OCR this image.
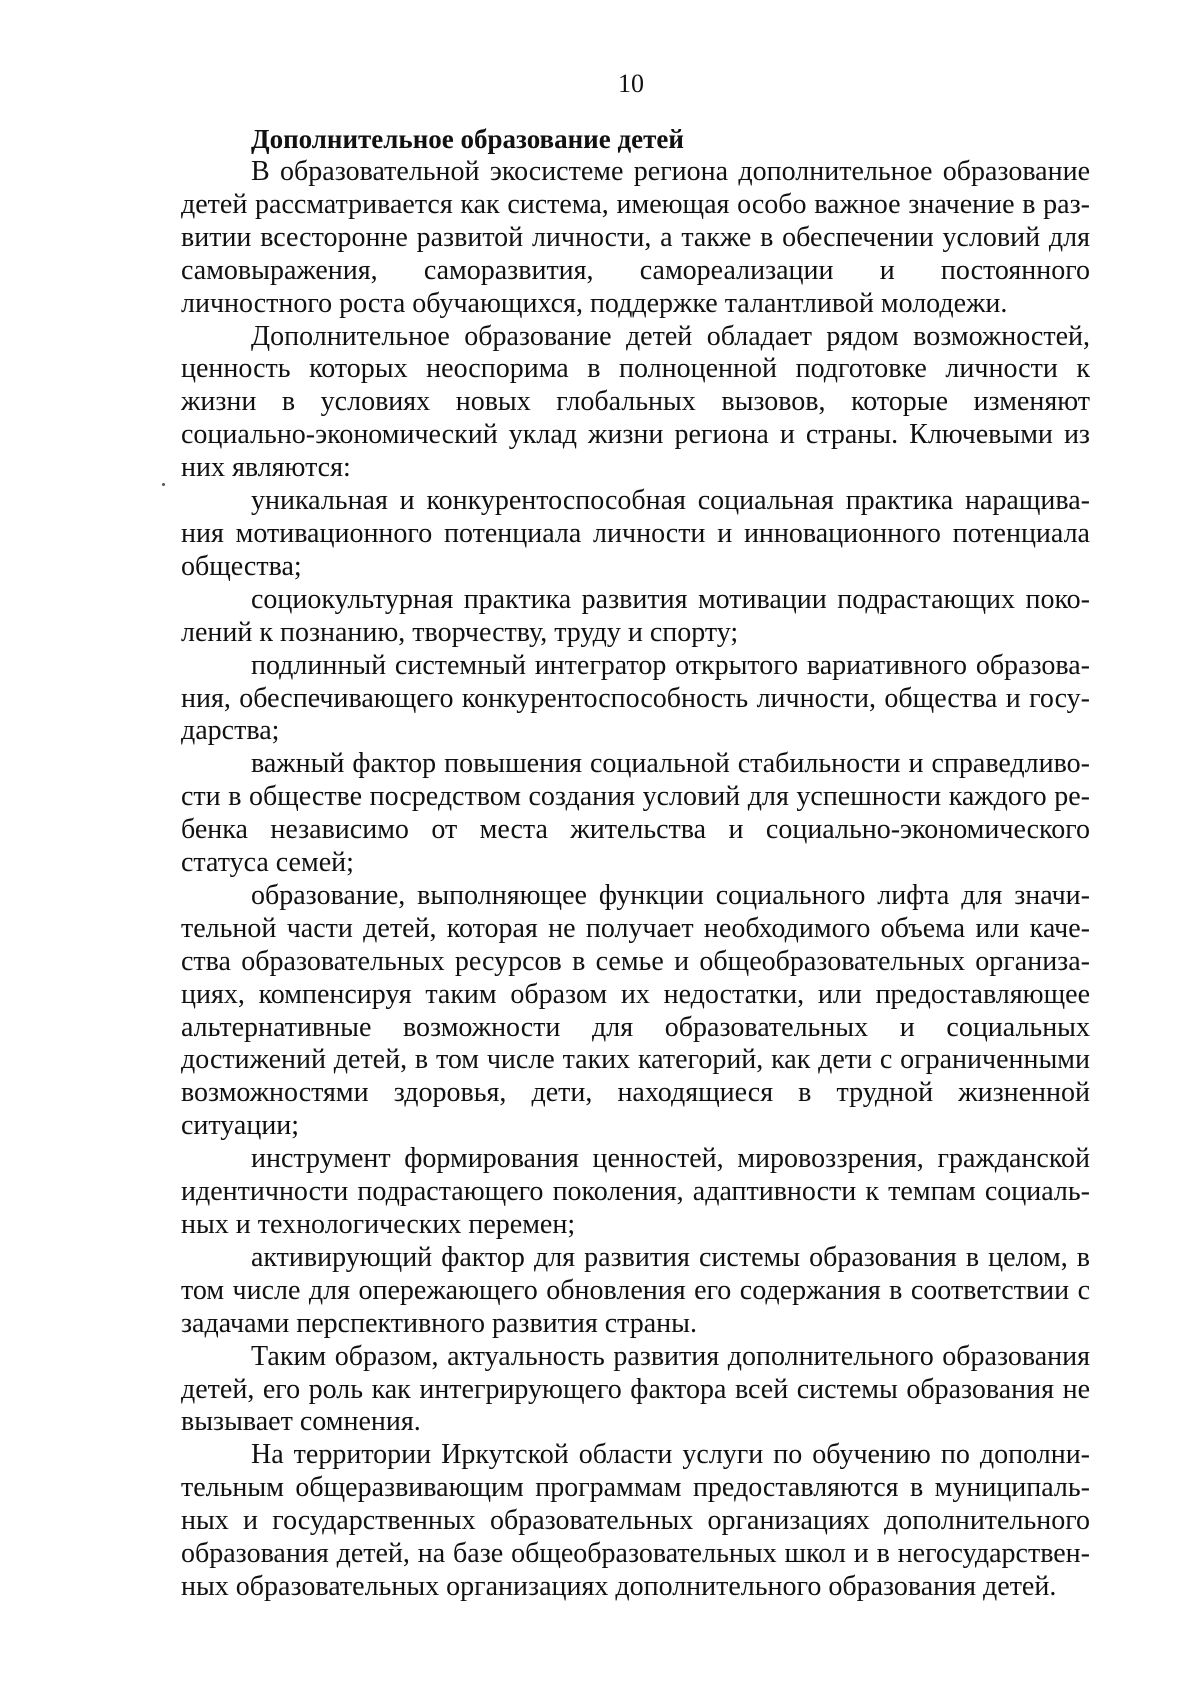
10

Дополнительное образование детей

В образовательной экосистеме региона дополнительное образование детей рассматривается как система, имеющая особо важное значение в развитии всесторонне развитой личности, а также в обеспечении условий для самовыражения, саморазвития, самореализации и постоянного личностного роста обучающихся, поддержке талантливой молодежи.

Дополнительное образование детей обладает рядом возможностей, ценность которых неоспорима в полноценной подготовке личности к жизни в условиях новых глобальных вызовов, которые изменяют социально-экономический уклад жизни региона и страны. Ключевыми из них являются:

уникальная и конкурентоспособная социальная практика наращивания мотивационного потенциала личности и инновационного потенциала общества;

социокультурная практика развития мотивации подрастающих поколений к познанию, творчеству, труду и спорту;

подлинный системный интегратор открытого вариативного образования, обеспечивающего конкурентоспособность личности, общества и государства;

важный фактор повышения социальной стабильности и справедливости в обществе посредством создания условий для успешности каждого ребенка независимо от места жительства и социально-экономического статуса семей;

образование, выполняющее функции социального лифта для значительной части детей, которая не получает необходимого объема или качества образовательных ресурсов в семье и общеобразовательных организациях, компенсируя таким образом их недостатки, или предоставляющее альтернативные возможности для образовательных и социальных достижений детей, в том числе таких категорий, как дети с ограниченными возможностями здоровья, дети, находящиеся в трудной жизненной ситуации;

инструмент формирования ценностей, мировоззрения, гражданской идентичности подрастающего поколения, адаптивности к темпам социальных и технологических перемен;

активирующий фактор для развития системы образования в целом, в том числе для опережающего обновления его содержания в соответствии с задачами перспективного развития страны.

Таким образом, актуальность развития дополнительного образования детей, его роль как интегрирующего фактора всей системы образования не вызывает сомнения.

На территории Иркутской области услуги по обучению по дополнительным общеразвивающим программам предоставляются в муниципальных и государственных образовательных организациях дополнительного образования детей, на базе общеобразовательных школ и в негосударственных образовательных организациях дополнительного образования детей.
